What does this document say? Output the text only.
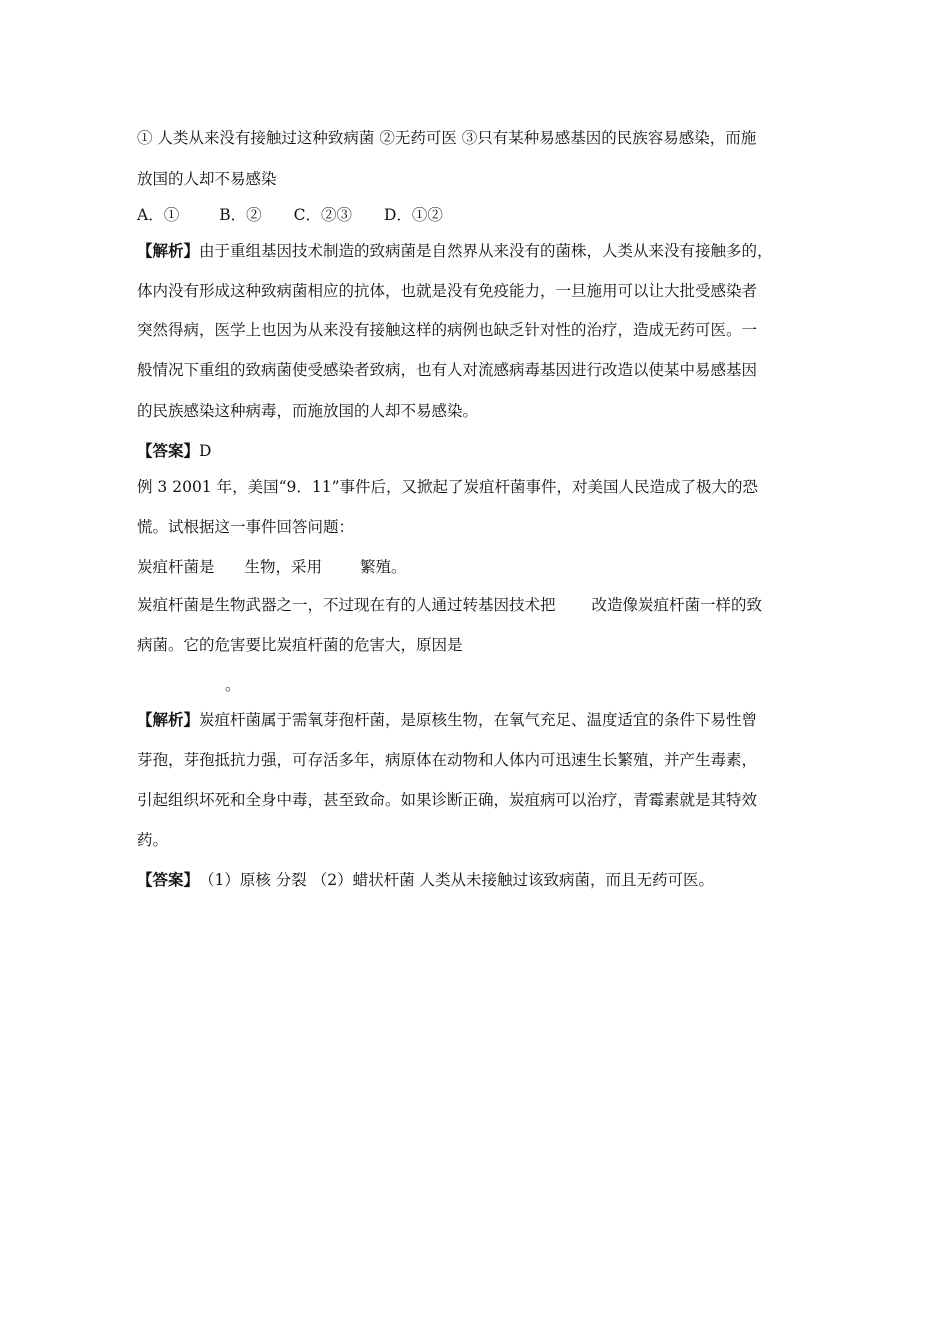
① 人类从来没有接触过这种致病菌 ②无药可医 ③只有某种易感基因的民族容易感染，而施
放国的人却不易感染
A．①	B．② C．②③ D．①②
【解析】由于重组基因技术制造的致病菌是自然界从来没有的菌株，人类从来没有接触多的，
体内没有形成这种致病菌相应的抗体，也就是没有免疫能力，一旦施用可以让大批受感染者
突然得病，医学上也因为从来没有接触这样的病例也缺乏针对性的治疗，造成无药可医。一
般情况下重组的致病菌使受感染者致病，也有人对流感病毒基因进行改造以使某中易感基因
的民族感染这种病毒，而施放国的人却不易感染。
【答案】D
例 3 2001 年，美国“9．11”事件后，又掀起了炭疽杆菌事件，对美国人民造成了极大的恐
慌。试根据这一事件回答问题：
炭疽杆菌是 生物，采用 繁殖。
炭疽杆菌是生物武器之一，不过现在有的人通过转基因技术把 改造像炭疽杆菌一样的致
病菌。它的危害要比炭疽杆菌的危害大，原因是
。
【解析】炭疽杆菌属于需氧芽孢杆菌，是原核生物，在氧气充足、温度适宜的条件下易性曾
芽孢，芽孢抵抗力强，可存活多年，病原体在动物和人体内可迅速生长繁殖，并产生毒素，
引起组织坏死和全身中毒，甚至致命。如果诊断正确，炭疽病可以治疗，青霉素就是其特效
药。
【答案】（1）原核 分裂 （2）蜡状杆菌 人类从未接触过该致病菌，而且无药可医。
